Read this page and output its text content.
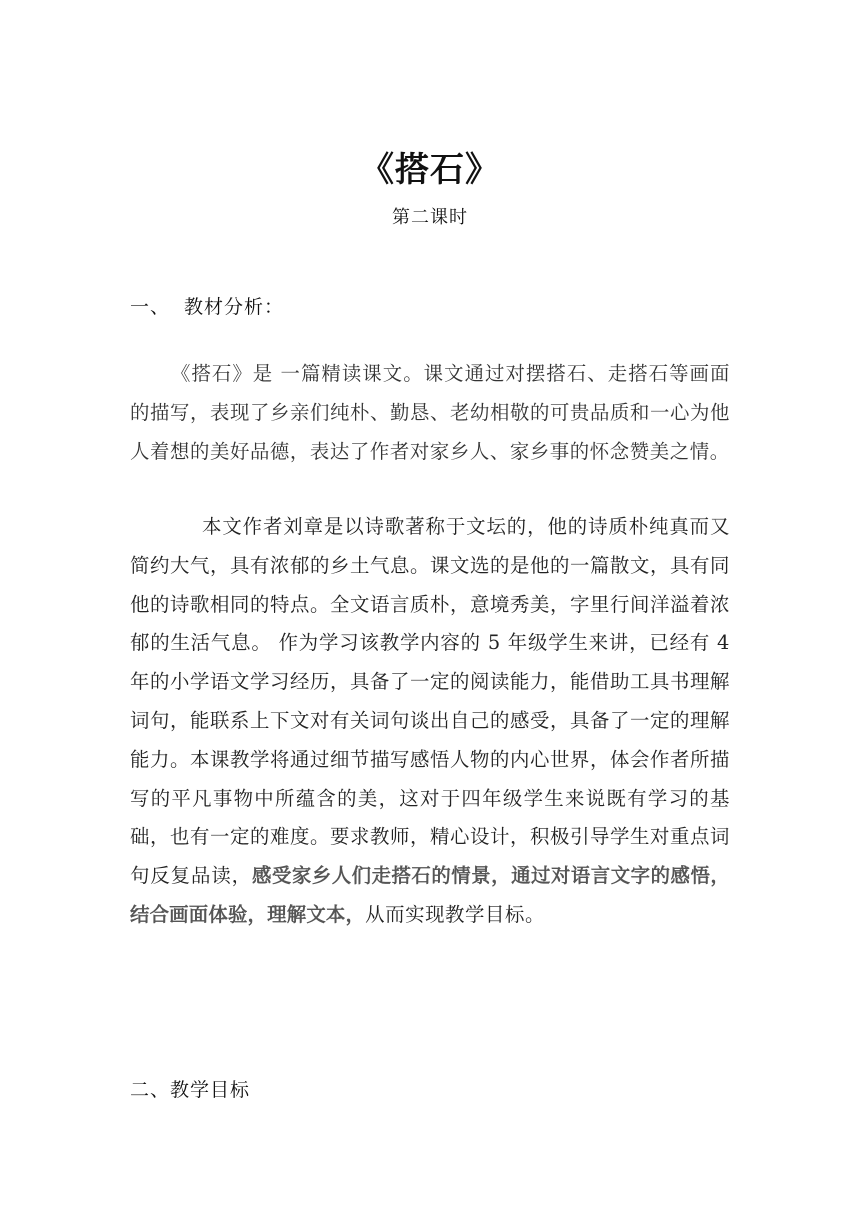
《搭石》
第二课时
一、 教材分析：

《搭石》是 一篇精读课文。课文通过对摆搭石、走搭石等画面的描写，表现了乡亲们纯朴、勤恳、老幼相敬的可贵品质和一心为他人着想的美好品德，表达了作者对家乡人、家乡事的怀念赞美之情。

本文作者刘章是以诗歌著称于文坛的，他的诗质朴纯真而又简约大气，具有浓郁的乡土气息。课文选的是他的一篇散文，具有同他的诗歌相同的特点。全文语言质朴，意境秀美，字里行间洋溢着浓郁的生活气息。 作为学习该教学内容的 5 年级学生来讲，已经有 4 年的小学语文学习经历，具备了一定的阅读能力，能借助工具书理解词句，能联系上下文对有关词句谈出自己的感受，具备了一定的理解能力。本课教学将通过细节描写感悟人物的内心世界，体会作者所描写的平凡事物中所蕴含的美，这对于四年级学生来说既有学习的基础，也有一定的难度。要求教师，精心设计，积极引导学生对重点词句反复品读，感受家乡人们走搭石的情景，通过对语言文字的感悟，结合画面体验，理解文本，从而实现教学目标。

二、教学目标
